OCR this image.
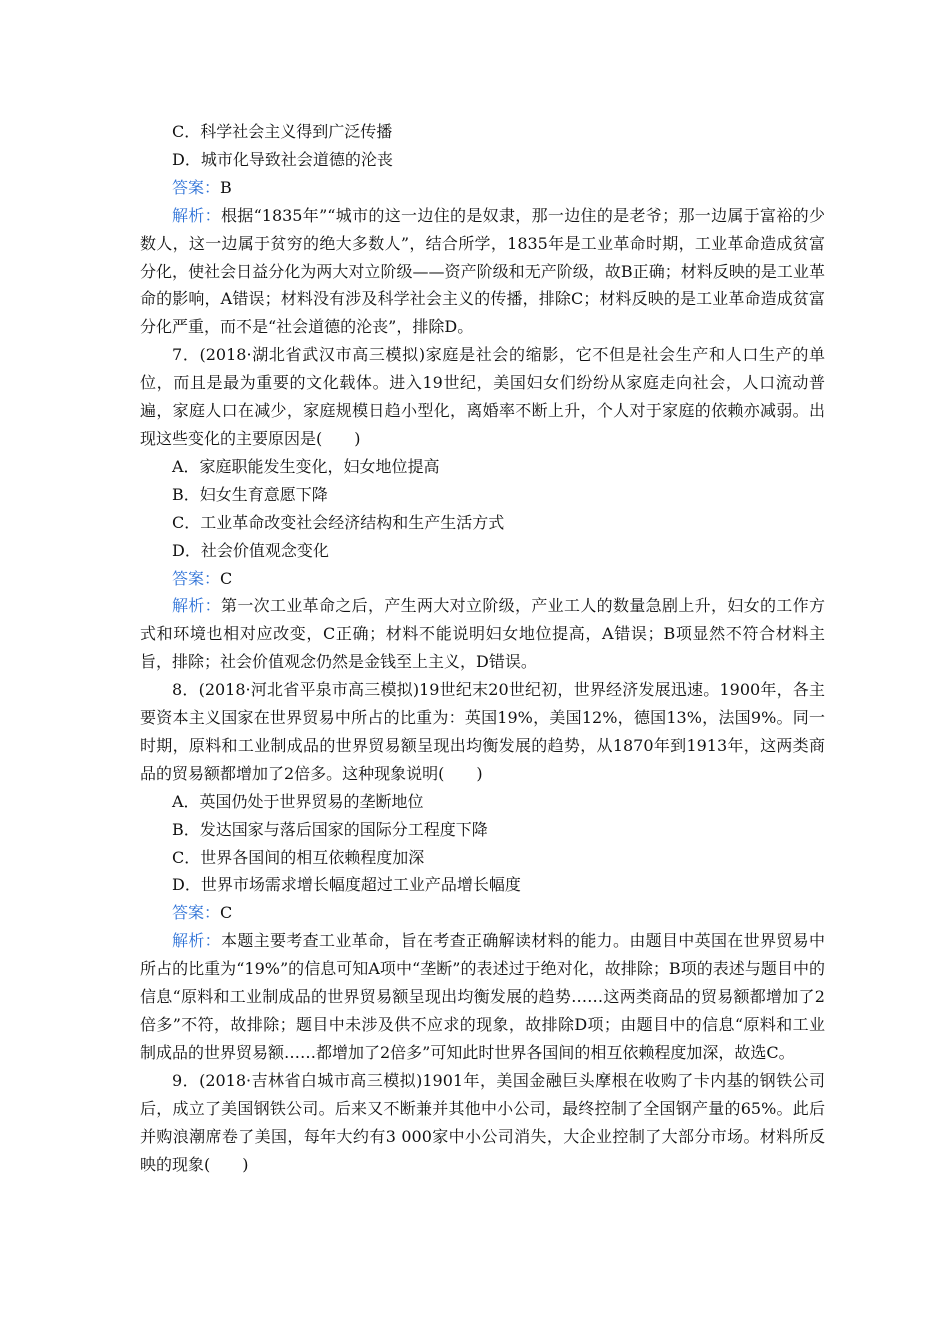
C．科学社会主义得到广泛传播

D．城市化导致社会道德的沦丧

答案：B

解析：根据“1835年”“城市的这一边住的是奴隶，那一边住的是老爷；那一边属于富裕的少数人，这一边属于贫穷的绝大多数人”，结合所学，1835年是工业革命时期，工业革命造成贫富分化，使社会日益分化为两大对立阶级——资产阶级和无产阶级，故B正确；材料反映的是工业革命的影响，A错误；材料没有涉及科学社会主义的传播，排除C；材料反映的是工业革命造成贫富分化严重，而不是“社会道德的沦丧”，排除D。

7．(2018·湖北省武汉市高三模拟)家庭是社会的缩影，它不但是社会生产和人口生产的单位，而且是最为重要的文化载体。进入19世纪，美国妇女们纷纷从家庭走向社会，人口流动普遍，家庭人口在减少，家庭规模日趋小型化，离婚率不断上升，个人对于家庭的依赖亦减弱。出现这些变化的主要原因是(　　)

A．家庭职能发生变化，妇女地位提高

B．妇女生育意愿下降

C．工业革命改变社会经济结构和生产生活方式

D．社会价值观念变化

答案：C

解析：第一次工业革命之后，产生两大对立阶级，产业工人的数量急剧上升，妇女的工作方式和环境也相对应改变，C正确；材料不能说明妇女地位提高，A错误；B项显然不符合材料主旨，排除；社会价值观念仍然是金钱至上主义，D错误。

8．(2018·河北省平泉市高三模拟)19世纪末20世纪初，世界经济发展迅速。1900年，各主要资本主义国家在世界贸易中所占的比重为：英国19%，美国12%，德国13%，法国9%。同一时期，原料和工业制成品的世界贸易额呈现出均衡发展的趋势，从1870年到1913年，这两类商品的贸易额都增加了2倍多。这种现象说明(　　)

A．英国仍处于世界贸易的垄断地位

B．发达国家与落后国家的国际分工程度下降

C．世界各国间的相互依赖程度加深

D．世界市场需求增长幅度超过工业产品增长幅度

答案：C

解析：本题主要考查工业革命，旨在考查正确解读材料的能力。由题目中英国在世界贸易中所占的比重为“19%”的信息可知A项中“垄断”的表述过于绝对化，故排除；B项的表述与题目中的信息“原料和工业制成品的世界贸易额呈现出均衡发展的趋势……这两类商品的贸易额都增加了2倍多”不符，故排除；题目中未涉及供不应求的现象，故排除D项；由题目中的信息“原料和工业制成品的世界贸易额……都增加了2倍多”可知此时世界各国间的相互依赖程度加深，故选C。

9．(2018·吉林省白城市高三模拟)1901年，美国金融巨头摩根在收购了卡内基的钢铁公司后，成立了美国钢铁公司。后来又不断兼并其他中小公司，最终控制了全国钢产量的65%。此后并购浪潮席卷了美国，每年大约有3 000家中小公司消失，大企业控制了大部分市场。材料所反映的现象(　　)
